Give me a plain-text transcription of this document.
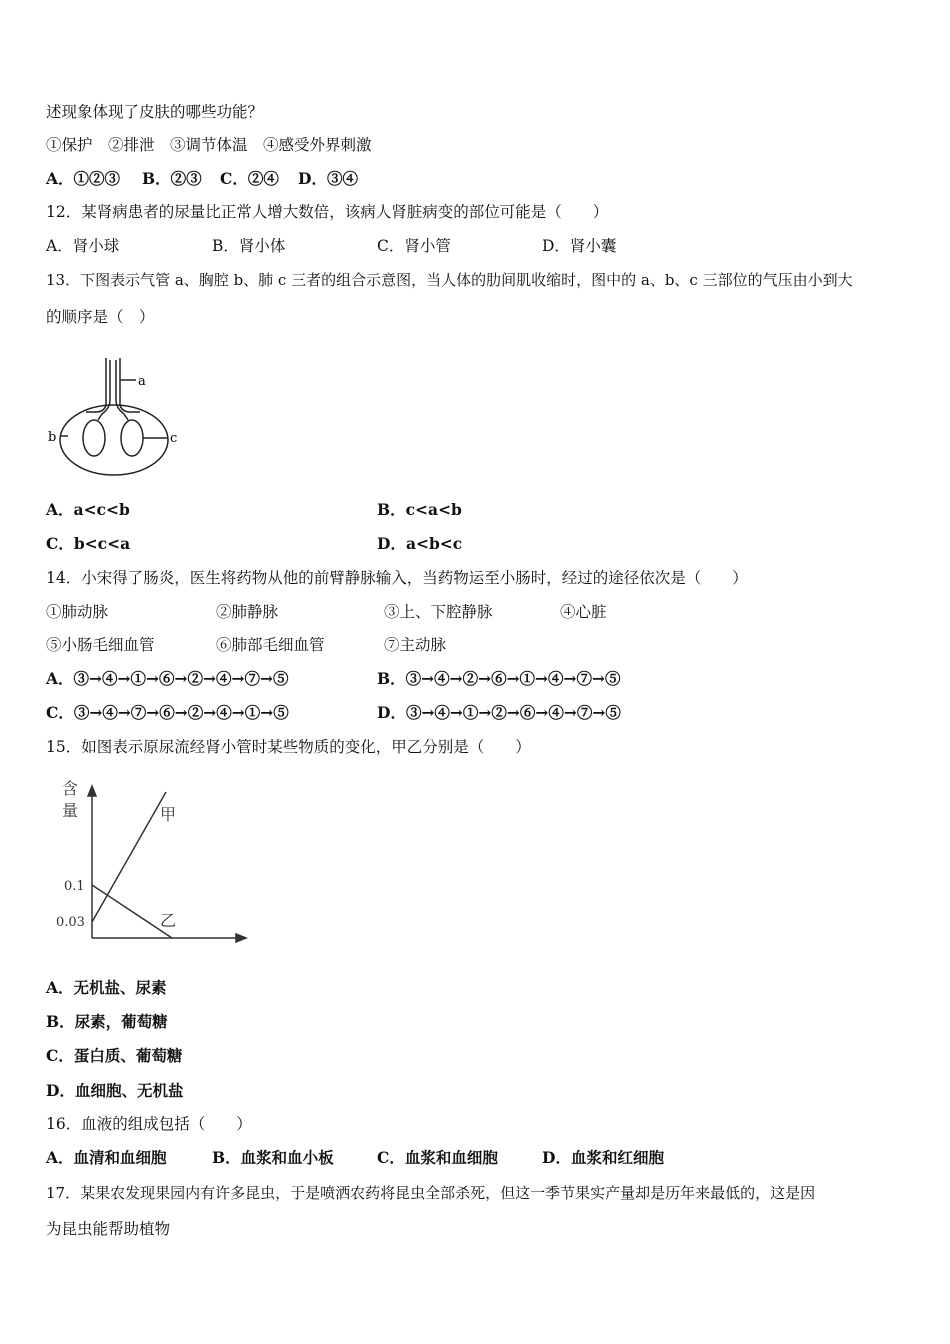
述现象体现了皮肤的哪些功能？
①保护　②排泄　③调节体温　④感受外界刺激
A．①②③ B．②③ C．②④ D．③④
12．某肾病患者的尿量比正常人增大数倍，该病人肾脏病变的部位可能是（　　）
A．肾小球	B．肾小体	C．肾小管	D．肾小囊
13．下图表示气管 a、胸腔 b、肺 c 三者的组合示意图，当人体的肋间肌收缩时，图中的 a、b、c 三部位的气压由小到大
的顺序是（　）
a
b	c
A．a<c<b	B．c<a<b
C．b<c<a	D．a<b<c
14．小宋得了肠炎，医生将药物从他的前臂静脉输入，当药物运至小肠时，经过的途径依次是（　　）
①肺动脉	②肺静脉	③上、下腔静脉	④心脏
⑤小肠毛细血管	⑥肺部毛细血管	⑦主动脉
A．③→④→①→⑥→②→④→⑦→⑤	B．③→④→②→⑥→①→④→⑦→⑤
C．③→④→⑦→⑥→②→④→①→⑤	D．③→④→①→②→⑥→④→⑦→⑤
15．如图表示原尿流经肾小管时某些物质的变化，甲乙分别是（　　）
含
量	甲
乙
0.1
0.03
A．无机盐、尿素
B．尿素，葡萄糖
C．蛋白质、葡萄糖
D．血细胞、无机盐
16．血液的组成包括（　　）
A．血清和血细胞	B．血浆和血小板	C．血浆和血细胞	D．血浆和红细胞
17．某果农发现果园内有许多昆虫，于是喷洒农药将昆虫全部杀死，但这一季节果实产量却是历年来最低的，这是因
为昆虫能帮助植物
